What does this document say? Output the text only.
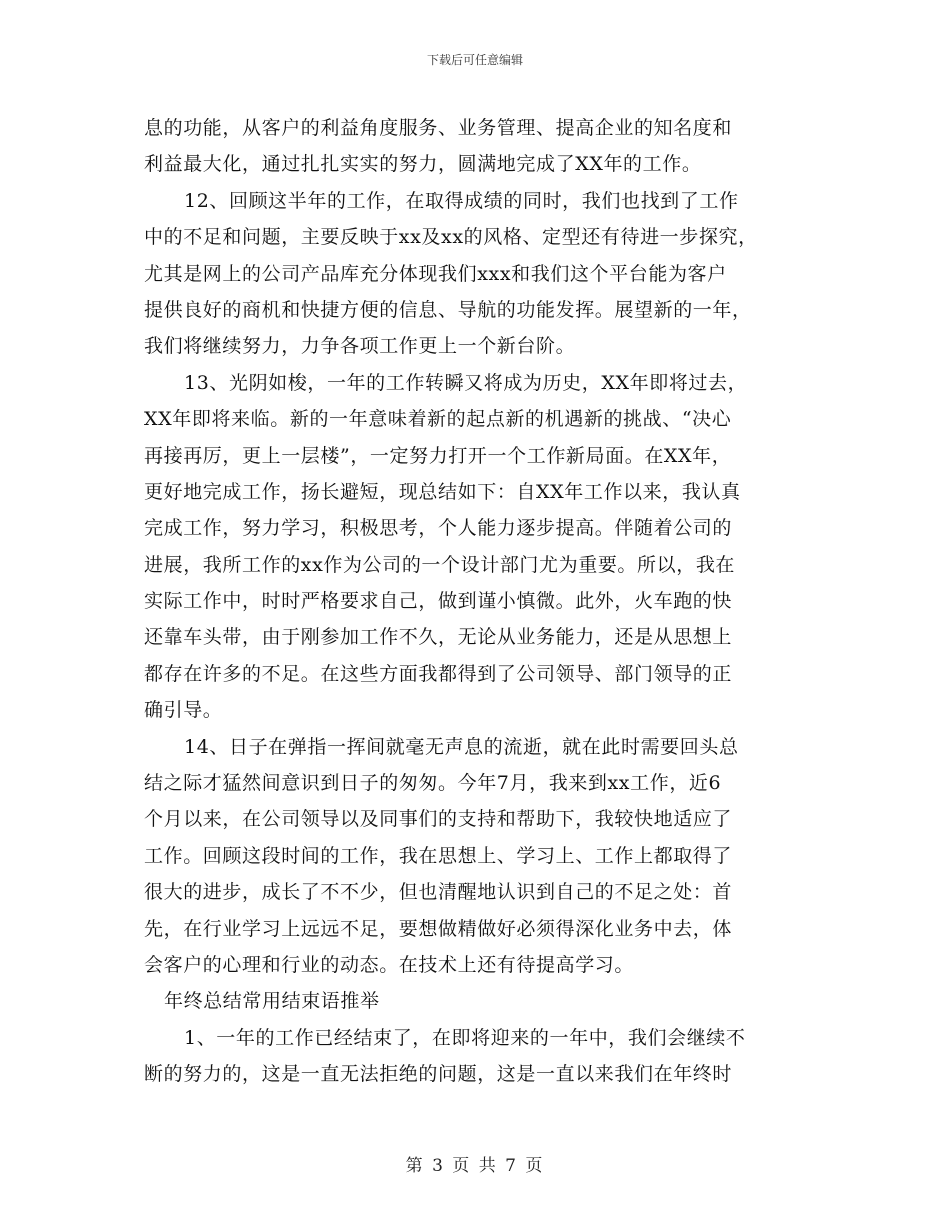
下载后可任意编辑
息的功能，从客户的利益角度服务、业务管理、提高企业的知名度和
利益最大化，通过扎扎实实的努力，圆满地完成了XX年的工作。
12、回顾这半年的工作，在取得成绩的同时，我们也找到了工作
中的不足和问题，主要反映于xx及xx的风格、定型还有待进一步探究，
尤其是网上的公司产品库充分体现我们xxx和我们这个平台能为客户
提供良好的商机和快捷方便的信息、导航的功能发挥。展望新的一年，
我们将继续努力，力争各项工作更上一个新台阶。
13、光阴如梭，一年的工作转瞬又将成为历史，XX年即将过去，
XX年即将来临。新的一年意味着新的起点新的机遇新的挑战、“决心
再接再厉，更上一层楼”，一定努力打开一个工作新局面。在XX年，
更好地完成工作，扬长避短，现总结如下：自XX年工作以来，我认真
完成工作，努力学习，积极思考，个人能力逐步提高。伴随着公司的
进展，我所工作的xx作为公司的一个设计部门尤为重要。所以，我在
实际工作中，时时严格要求自己，做到谨小慎微。此外，火车跑的快
还靠车头带，由于刚参加工作不久，无论从业务能力，还是从思想上
都存在许多的不足。在这些方面我都得到了公司领导、部门领导的正
确引导。
14、日子在弹指一挥间就毫无声息的流逝，就在此时需要回头总
结之际才猛然间意识到日子的匆匆。今年7月，我来到xx工作，近6
个月以来，在公司领导以及同事们的支持和帮助下，我较快地适应了
工作。回顾这段时间的工作，我在思想上、学习上、工作上都取得了
很大的进步，成长了不不少，但也清醒地认识到自己的不足之处：首
先，在行业学习上远远不足，要想做精做好必须得深化业务中去，体
会客户的心理和行业的动态。在技术上还有待提高学习。
年终总结常用结束语推举
1、一年的工作已经结束了，在即将迎来的一年中，我们会继续不
断的努力的，这是一直无法拒绝的问题，这是一直以来我们在年终时
第 3 页 共 7 页
